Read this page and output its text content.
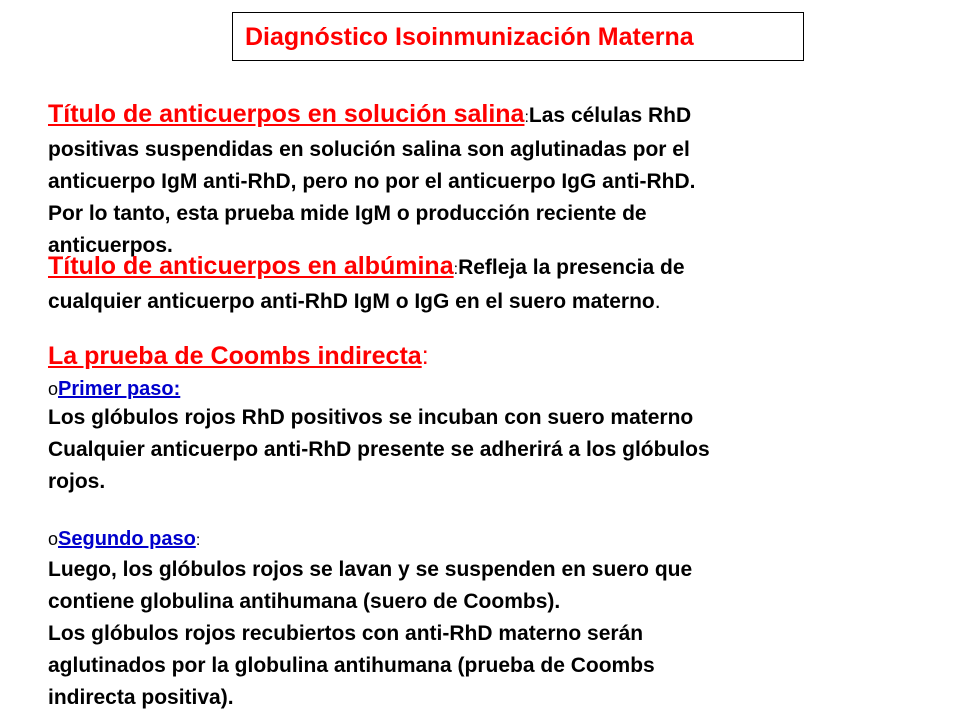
Diagnóstico Isoinmunización Materna
Título de anticuerpos en solución salina:Las células RhD
positivas suspendidas en solución salina son aglutinadas por el
anticuerpo IgM anti-RhD, pero no por el anticuerpo IgG anti-RhD.
Por lo tanto, esta prueba mide IgM o producción reciente de
anticuerpos.
Título de anticuerpos en albúmina:Refleja la presencia de
cualquier anticuerpo anti-RhD IgM o IgG en el suero materno.
La prueba de Coombs indirecta:
oPrimer paso:
Los glóbulos rojos RhD positivos se incuban con suero materno
Cualquier anticuerpo anti-RhD presente se adherirá a los glóbulos
rojos.
oSegundo paso:
Luego, los glóbulos rojos se lavan y se suspenden en suero que
contiene globulina antihumana (suero de Coombs).
Los glóbulos rojos recubiertos con anti-RhD materno serán
aglutinados por la globulina antihumana (prueba de Coombs
indirecta positiva).
